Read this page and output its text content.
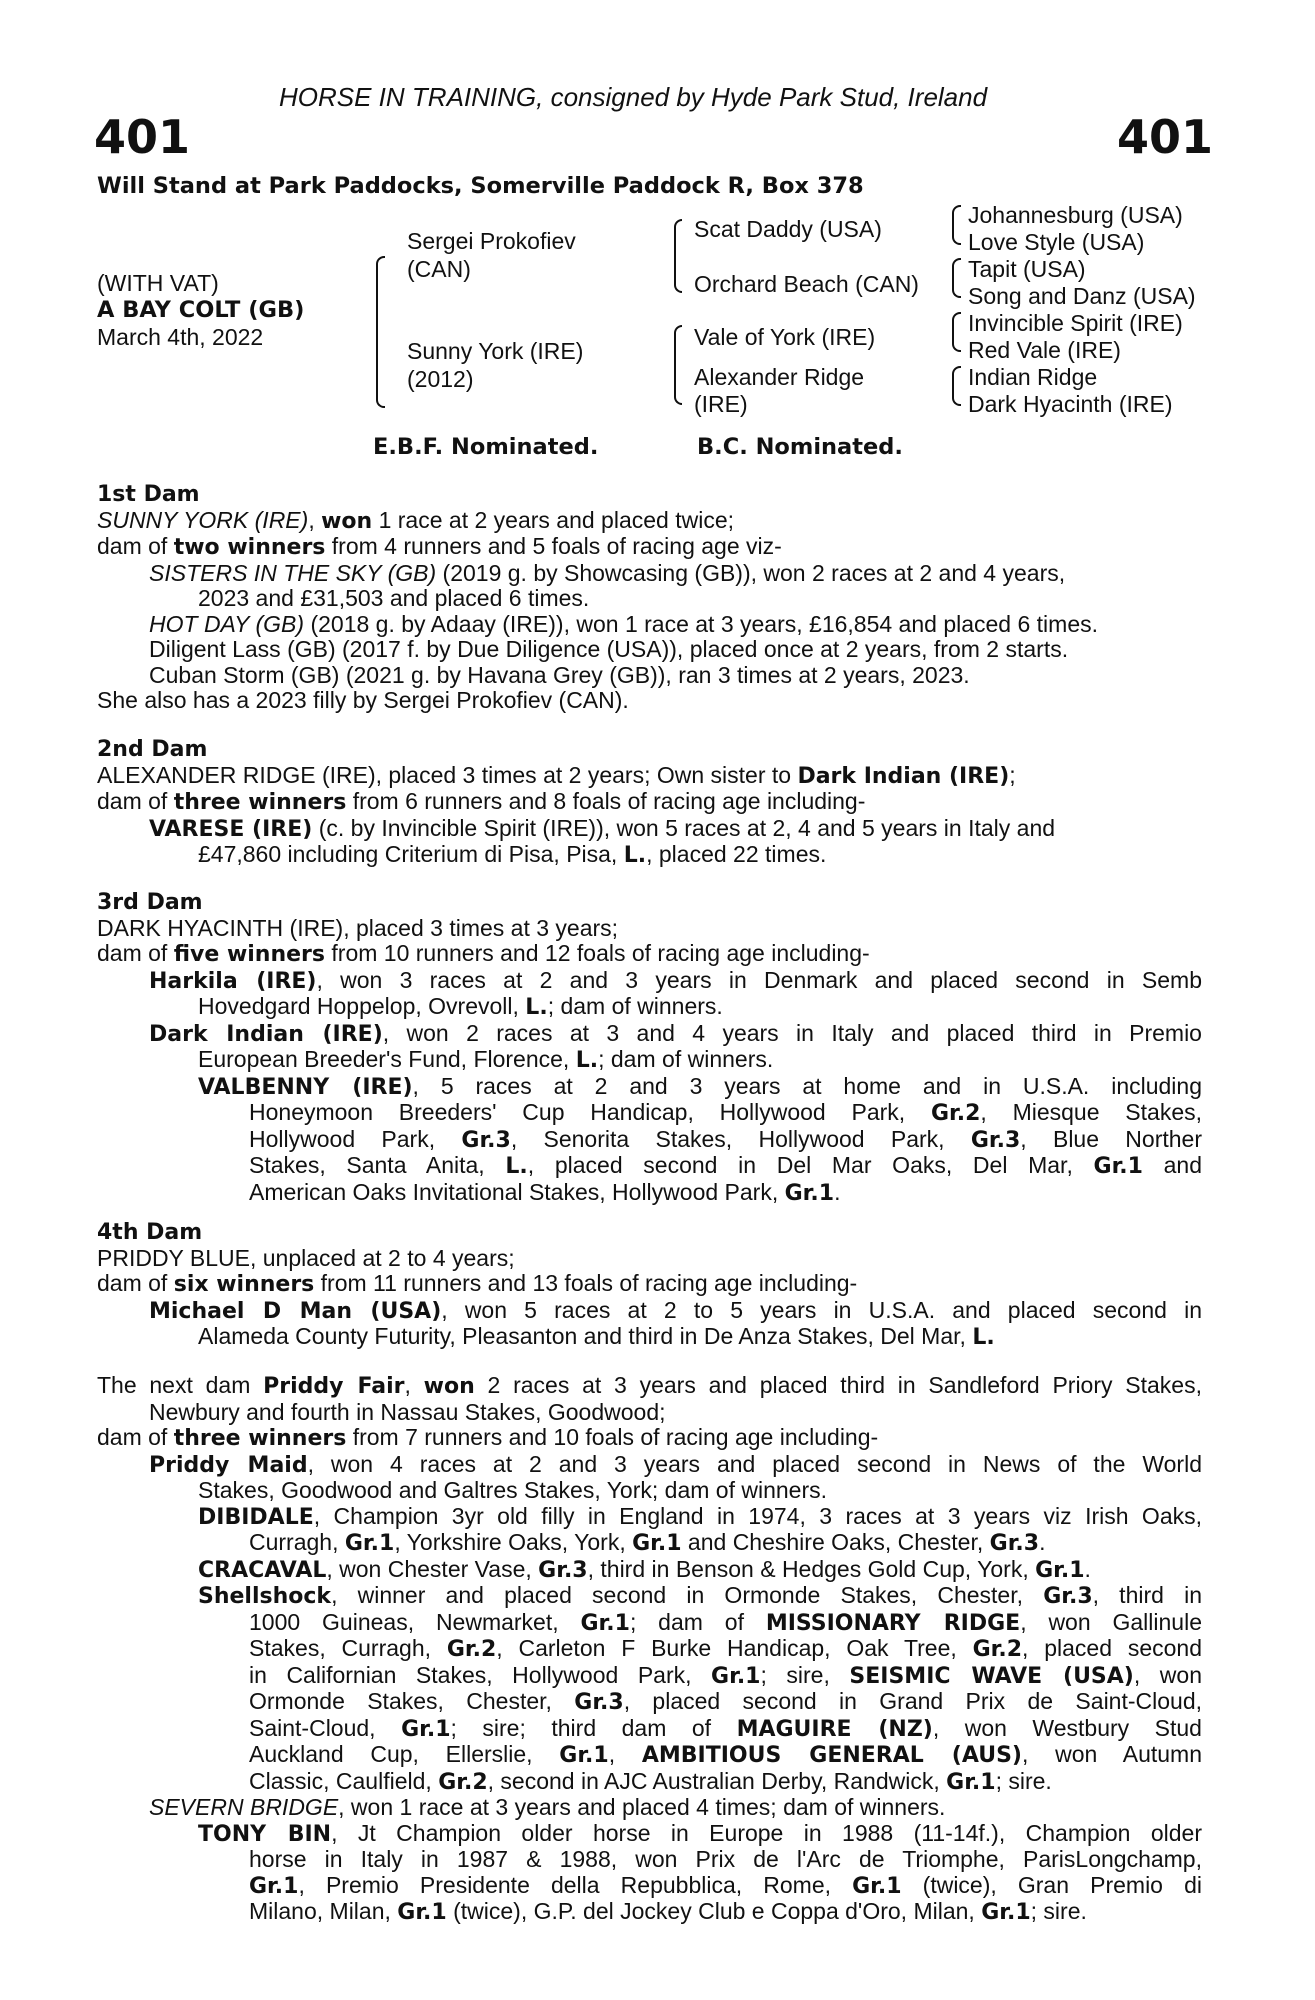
HORSE IN TRAINING, consigned by Hyde Park Stud, Ireland
401	401
Will Stand at Park Paddocks, Somerville Paddock R, Box 378
(WITH VAT)
A BAY COLT (GB)
March 4th, 2022
Sergei Prokofiev
(CAN)
Sunny York (IRE)
(2012)
Scat Daddy (USA)
Orchard Beach (CAN)
Vale of York (IRE)
Alexander Ridge
(IRE)
Johannesburg (USA)
Love Style (USA)
Tapit (USA)
Song and Danz (USA)
Invincible Spirit (IRE)
Red Vale (IRE)
Indian Ridge
Dark Hyacinth (IRE)
E.B.F. Nominated.	B.C. Nominated.
1st Dam
SUNNY YORK (IRE), won 1 race at 2 years and placed twice;
dam of two winners from 4 runners and 5 foals of racing age viz-
SISTERS IN THE SKY (GB) (2019 g. by Showcasing (GB)), won 2 races at 2 and 4 years,
2023 and £31,503 and placed 6 times.
HOT DAY (GB) (2018 g. by Adaay (IRE)), won 1 race at 3 years, £16,854 and placed 6 times.
Diligent Lass (GB) (2017 f. by Due Diligence (USA)), placed once at 2 years, from 2 starts.
Cuban Storm (GB) (2021 g. by Havana Grey (GB)), ran 3 times at 2 years, 2023.
She also has a 2023 filly by Sergei Prokofiev (CAN).
2nd Dam
ALEXANDER RIDGE (IRE), placed 3 times at 2 years; Own sister to Dark Indian (IRE);
dam of three winners from 6 runners and 8 foals of racing age including-
VARESE (IRE) (c. by Invincible Spirit (IRE)), won 5 races at 2, 4 and 5 years in Italy and
£47,860 including Criterium di Pisa, Pisa, L., placed 22 times.
3rd Dam
DARK HYACINTH (IRE), placed 3 times at 3 years;
dam of five winners from 10 runners and 12 foals of racing age including-
Harkila (IRE), won 3 races at 2 and 3 years in Denmark and placed second in Semb
Hovedgard Hoppelop, Ovrevoll, L.; dam of winners.
Dark Indian (IRE), won 2 races at 3 and 4 years in Italy and placed third in Premio
European Breeder's Fund, Florence, L.; dam of winners.
VALBENNY (IRE), 5 races at 2 and 3 years at home and in U.S.A. including
Honeymoon Breeders' Cup Handicap, Hollywood Park, Gr.2, Miesque Stakes,
Hollywood Park, Gr.3, Senorita Stakes, Hollywood Park, Gr.3, Blue Norther
Stakes, Santa Anita, L., placed second in Del Mar Oaks, Del Mar, Gr.1 and
American Oaks Invitational Stakes, Hollywood Park, Gr.1.
4th Dam
PRIDDY BLUE, unplaced at 2 to 4 years;
dam of six winners from 11 runners and 13 foals of racing age including-
Michael D Man (USA), won 5 races at 2 to 5 years in U.S.A. and placed second in
Alameda County Futurity, Pleasanton and third in De Anza Stakes, Del Mar, L.
The next dam Priddy Fair, won 2 races at 3 years and placed third in Sandleford Priory Stakes,
Newbury and fourth in Nassau Stakes, Goodwood;
dam of three winners from 7 runners and 10 foals of racing age including-
Priddy Maid, won 4 races at 2 and 3 years and placed second in News of the World
Stakes, Goodwood and Galtres Stakes, York; dam of winners.
DIBIDALE, Champion 3yr old filly in England in 1974, 3 races at 3 years viz Irish Oaks,
Curragh, Gr.1, Yorkshire Oaks, York, Gr.1 and Cheshire Oaks, Chester, Gr.3.
CRACAVAL, won Chester Vase, Gr.3, third in Benson & Hedges Gold Cup, York, Gr.1.
Shellshock, winner and placed second in Ormonde Stakes, Chester, Gr.3, third in
1000 Guineas, Newmarket, Gr.1; dam of MISSIONARY RIDGE, won Gallinule
Stakes, Curragh, Gr.2, Carleton F Burke Handicap, Oak Tree, Gr.2, placed second
in Californian Stakes, Hollywood Park, Gr.1; sire, SEISMIC WAVE (USA), won
Ormonde Stakes, Chester, Gr.3, placed second in Grand Prix de Saint-Cloud,
Saint-Cloud, Gr.1; sire; third dam of MAGUIRE (NZ), won Westbury Stud
Auckland Cup, Ellerslie, Gr.1, AMBITIOUS GENERAL (AUS), won Autumn
Classic, Caulfield, Gr.2, second in AJC Australian Derby, Randwick, Gr.1; sire.
SEVERN BRIDGE, won 1 race at 3 years and placed 4 times; dam of winners.
TONY BIN, Jt Champion older horse in Europe in 1988 (11-14f.), Champion older
horse in Italy in 1987 & 1988, won Prix de l'Arc de Triomphe, ParisLongchamp,
Gr.1, Premio Presidente della Repubblica, Rome, Gr.1 (twice), Gran Premio di
Milano, Milan, Gr.1 (twice), G.P. del Jockey Club e Coppa d'Oro, Milan, Gr.1; sire.
